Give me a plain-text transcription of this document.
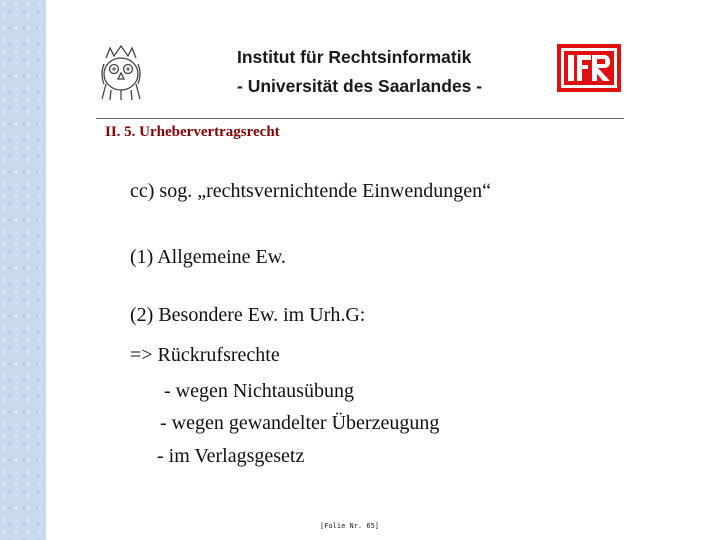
Institut für Rechtsinformatik
- Universität des Saarlandes -
II. 5. Urhebervertragsrecht
cc) sog. „rechtsvernichtende Einwendungen“
(1) Allgemeine Ew.
(2) Besondere Ew. im Urh.G:
=> Rückrufsrechte
- wegen Nichtausübung
- wegen gewandelter Überzeugung
- im Verlagsgesetz
[Folie Nr. 65]
